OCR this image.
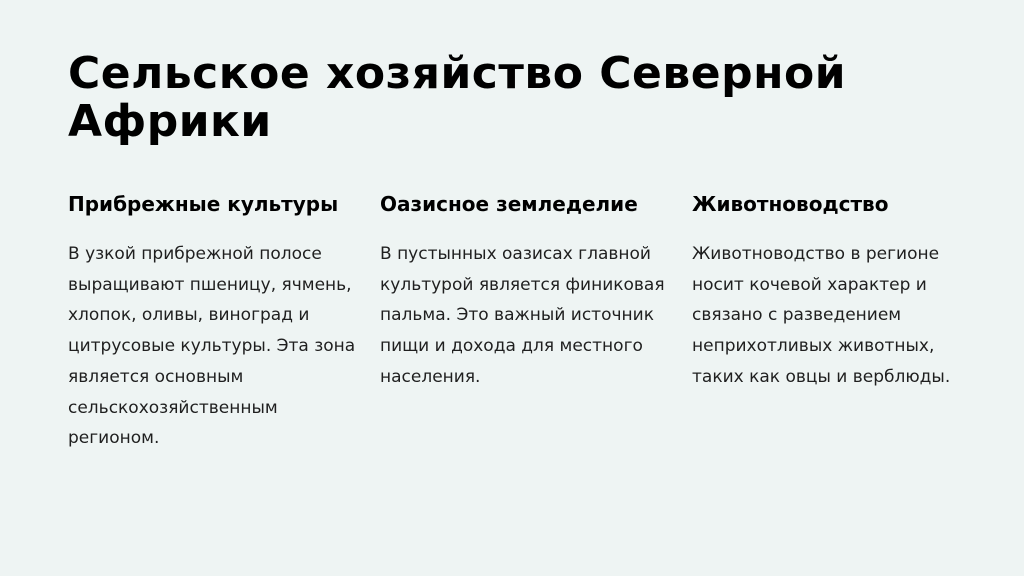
Сельское хозяйство Северной Африки
Прибрежные культуры

В узкой прибрежной полосе выращивают пшеницу, ячмень, хлопок, оливы, виноград и цитрусовые культуры. Эта зона является основным сельскохозяйственным регионом.

Оазисное земледелие

В пустынных оазисах главной культурой является финиковая пальма. Это важный источник пищи и дохода для местного населения.

Животноводство

Животноводство в регионе носит кочевой характер и связано с разведением неприхотливых животных, таких как овцы и верблюды.
